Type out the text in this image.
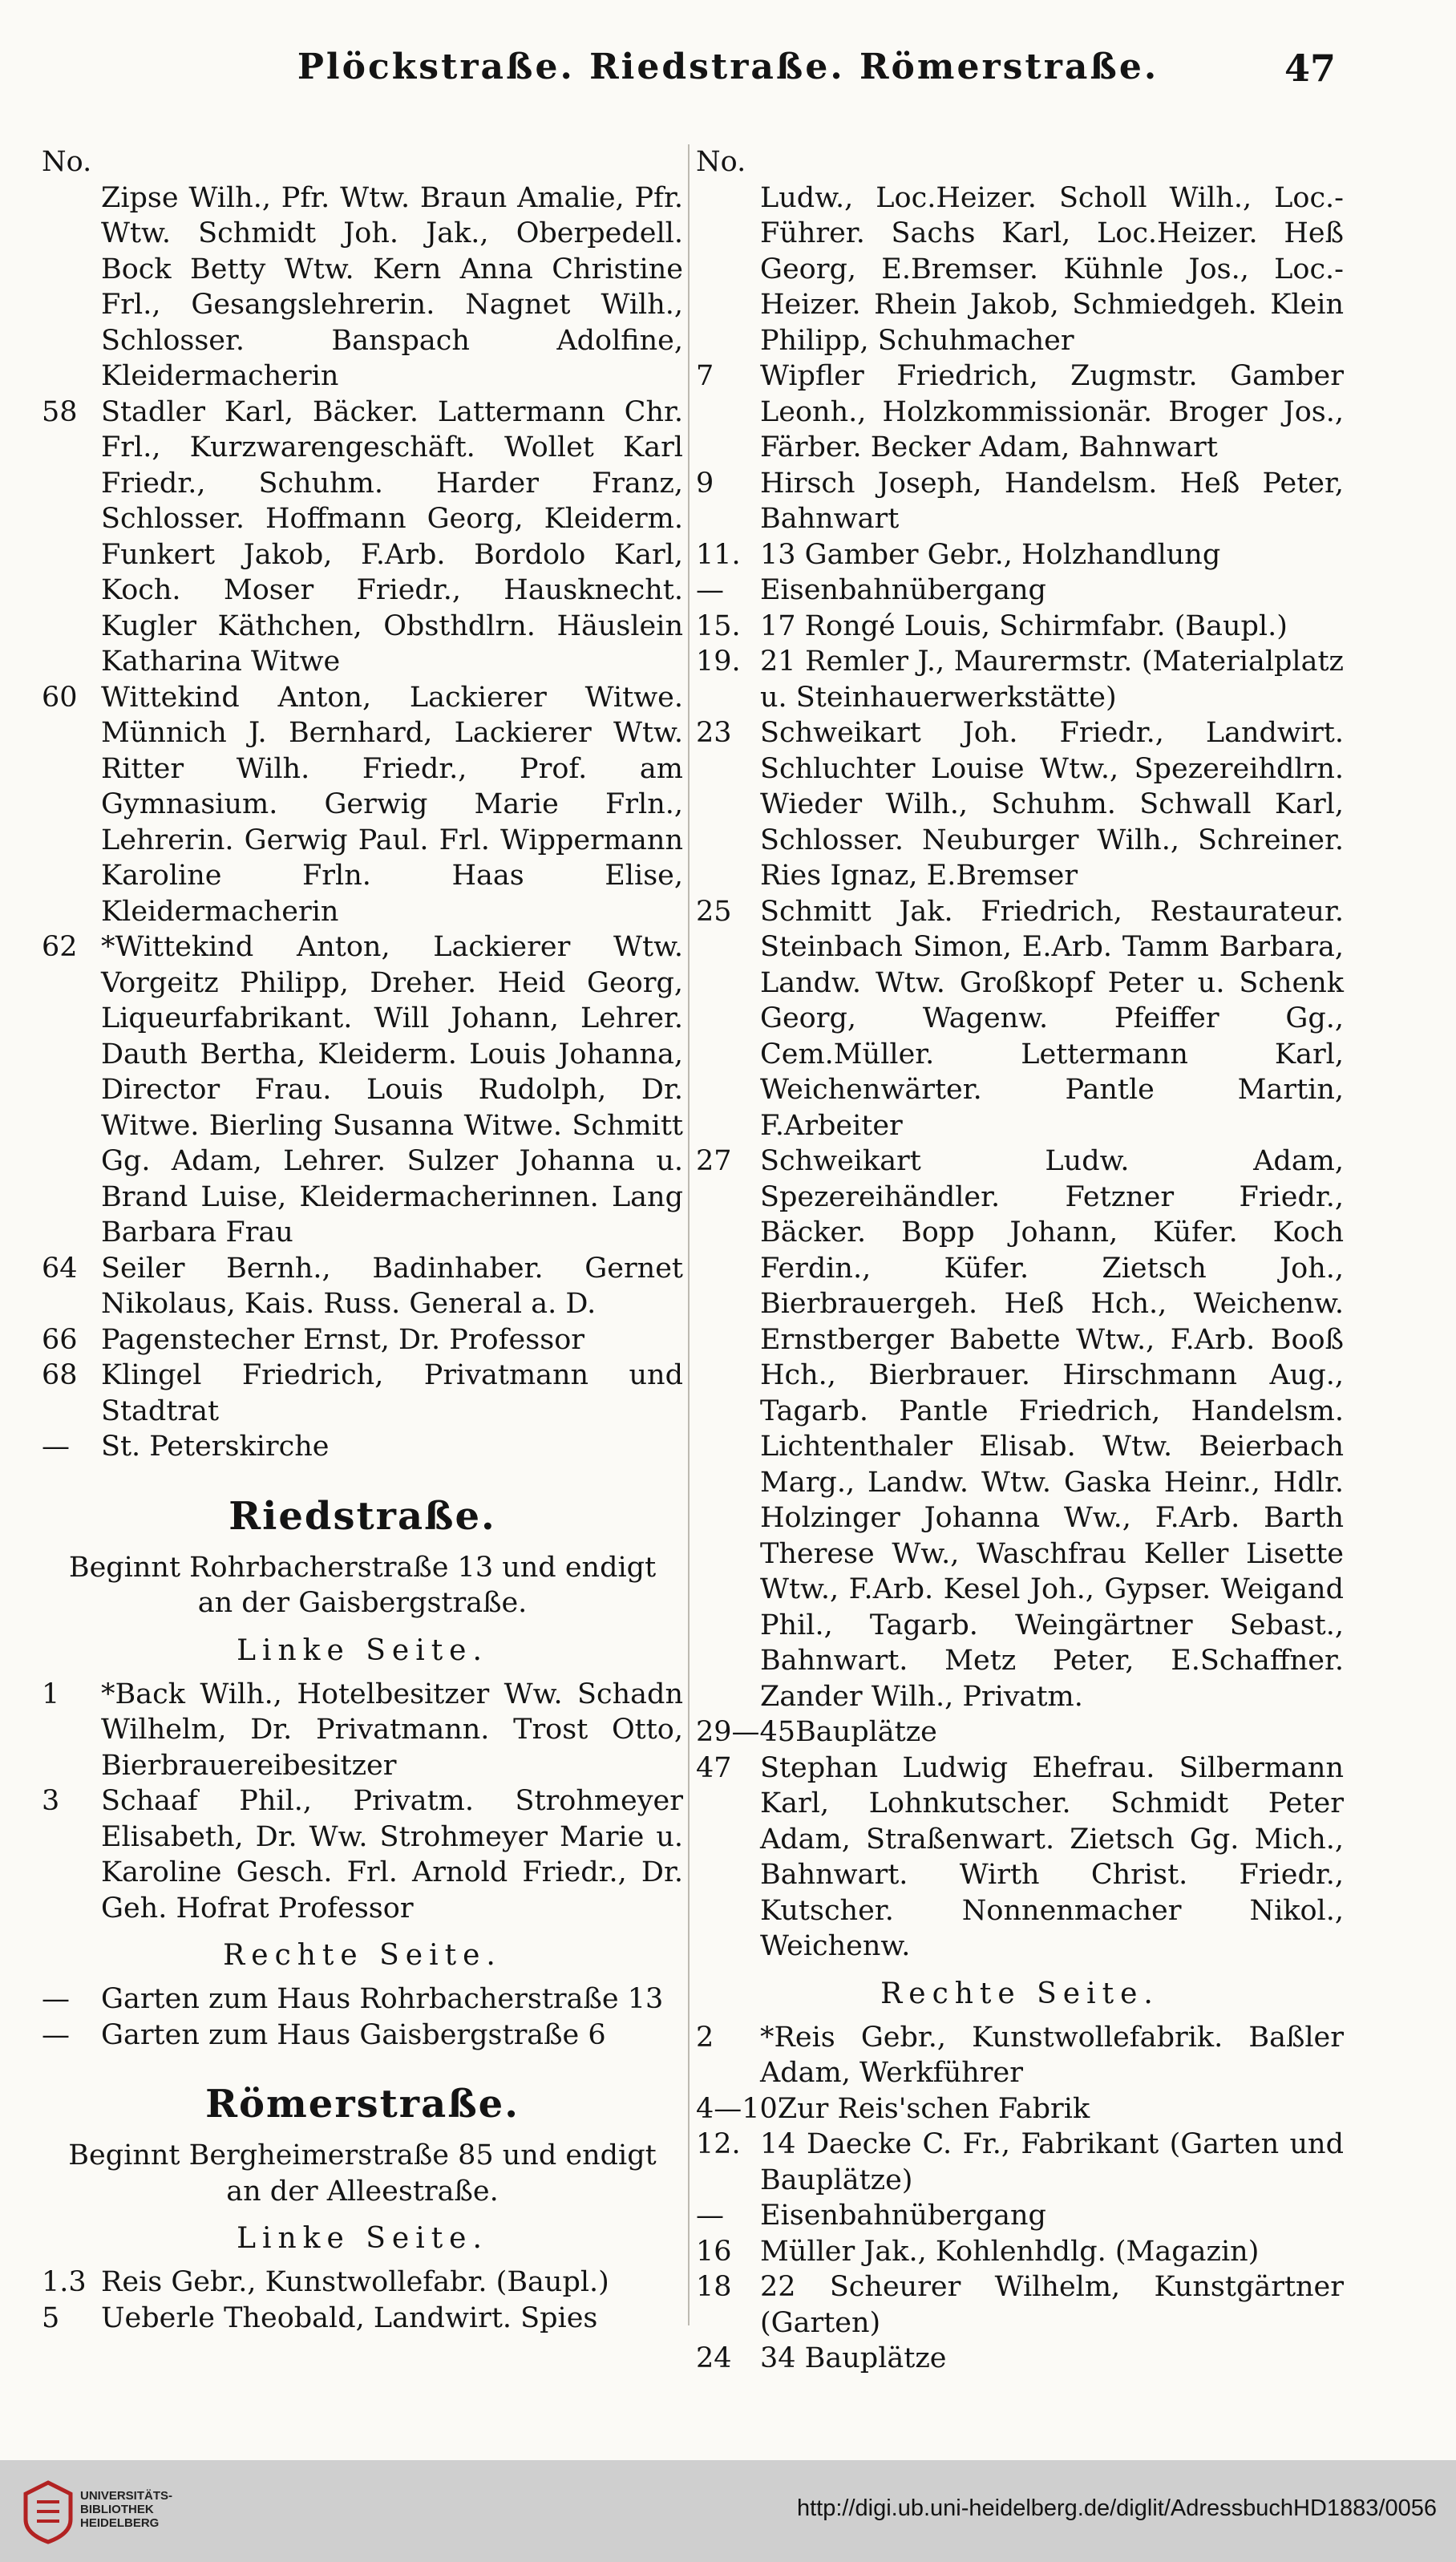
Plöckstraße. Riedstraße. Römerstraße.	47
No.
Zipse Wilh., Pfr. Wtw. Braun Amalie, Pfr. Wtw. Schmidt Joh. Jak., Oberpedell. Bock Betty Wtw. Kern Anna Christine Frl., Gesangslehrerin. Nagnet Wilh., Schlosser. Banspach Adolfine, Kleidermacherin
58 Stadler Karl, Bäcker. Lattermann Chr. Frl., Kurzwarengeschäft. Wollet Karl Friedr., Schuhm. Harder Franz, Schlosser. Hoffmann Georg, Kleiderm. Funkert Jakob, F.Arb. Bordolo Karl, Koch. Moser Friedr., Hausknecht. Kugler Käthchen, Obsthdlrn. Häuslein Katharina Witwe
60 Wittekind Anton, Lackierer Witwe. Münnich J. Bernhard, Lackierer Wtw. Ritter Wilh. Friedr., Prof. am Gymnasium. Gerwig Marie Frln., Lehrerin. Gerwig Paul. Frl. Wippermann Karoline Frln. Haas Elise, Kleidermacherin
62 *Wittekind Anton, Lackierer Wtw. Vorgeitz Philipp, Dreher. Heid Georg, Liqueurfabrikant. Will Johann, Lehrer. Dauth Bertha, Kleiderm. Louis Johanna, Director Frau. Louis Rudolph, Dr. Witwe. Bierling Susanna Witwe. Schmitt Gg. Adam, Lehrer. Sulzer Johanna u. Brand Luise, Kleidermacherinnen. Lang Barbara Frau
64 Seiler Bernh., Badinhaber. Gernet Nikolaus, Kais. Russ. General a. D.
66 Pagenstecher Ernst, Dr. Professor
68 Klingel Friedrich, Privatmann und Stadtrat
—	St. Peterskirche
Riedstraße.
Beginnt Rohrbacherstraße 13 und endigt an der Gaisbergstraße.
Linke Seite.
1	*Back Wilh., Hotelbesitzer Ww. Schadn Wilhelm, Dr. Privatmann. Trost Otto, Bierbrauereibesitzer
3	Schaaf Phil., Privatm. Strohmeyer Elisabeth, Dr. Ww. Strohmeyer Marie u. Karoline Gesch. Frl. Arnold Friedr., Dr. Geh. Hofrat Professor
Rechte Seite.
—	Garten zum Haus Rohrbacherstraße 13
—	Garten zum Haus Gaisbergstraße 6
Römerstraße.
Beginnt Bergheimerstraße 85 und endigt an der Alleestraße.
Linke Seite.
1.3 Reis Gebr., Kunstwollefabr. (Baupl.)
5	Ueberle Theobald, Landwirt. Spies
No.
Ludw., Loc.Heizer. Scholl Wilh., Loc.-Führer. Sachs Karl, Loc.Heizer. Heß Georg, E.Bremser. Kühnle Jos., Loc.-Heizer. Rhein Jakob, Schmiedgeh. Klein Philipp, Schuhmacher
7	Wipfler Friedrich, Zugmstr. Gamber Leonh., Holzkommissionär. Broger Jos., Färber. Becker Adam, Bahnwart
9	Hirsch Joseph, Handelsm. Heß Peter, Bahnwart
11. 13 Gamber Gebr., Holzhandlung
—	Eisenbahnübergang
15. 17 Rongé Louis, Schirmfabr. (Baupl.)
19. 21 Remler J., Maurermstr. (Materialplatz u. Steinhauerwerkstätte)
23	Schweikart Joh. Friedr., Landwirt. Schluchter Louise Wtw., Spezereihdlrn. Wieder Wilh., Schuhm. Schwall Karl, Schlosser. Neuburger Wilh., Schreiner. Ries Ignaz, E.Bremser
25	Schmitt Jak. Friedrich, Restaurateur. Steinbach Simon, E.Arb. Tamm Barbara, Landw. Wtw. Großkopf Peter u. Schenk Georg, Wagenw. Pfeiffer Gg., Cem.Müller. Lettermann Karl, Weichenwärter. Pantle Martin, F.Arbeiter
27	Schweikart Ludw. Adam, Spezereihändler. Fetzner Friedr., Bäcker. Bopp Johann, Küfer. Koch Ferdin., Küfer. Zietsch Joh., Bierbrauergeh. Heß Hch., Weichenw. Ernstberger Babette Wtw., F.Arb. Booß Hch., Bierbrauer. Hirschmann Aug., Tagarb. Pantle Friedrich, Handelsm. Lichtenthaler Elisab. Wtw. Beierbach Marg., Landw. Wtw. Gaska Heinr., Hdlr. Holzinger Johanna Ww., F.Arb. Barth Therese Ww., Waschfrau Keller Lisette Wtw., F.Arb. Kesel Joh., Gypser. Weigand Phil., Tagarb. Weingärtner Sebast., Bahnwart. Metz Peter, E.Schaffner. Zander Wilh., Privatm.
29—45 Bauplätze
47	Stephan Ludwig Ehefrau. Silbermann Karl, Lohnkutscher. Schmidt Peter Adam, Straßenwart. Zietsch Gg. Mich., Bahnwart. Wirth Christ. Friedr., Kutscher. Nonnenmacher Nikol., Weichenw.
Rechte Seite.
2	*Reis Gebr., Kunstwollefabrik. Baßler Adam, Werkführer
4—10 Zur Reis'schen Fabrik
12. 14 Daecke C. Fr., Fabrikant (Garten und Bauplätze)
—	Eisenbahnübergang
16	Müller Jak., Kohlenhdlg. (Magazin)
18	22 Scheurer Wilhelm, Kunstgärtner (Garten)
24	34 Bauplätze
UNIVERSITÄTS-
BIBLIOTHEK
HEIDELBERG
http://digi.ub.uni-heidelberg.de/diglit/AdressbuchHD1883/0056
